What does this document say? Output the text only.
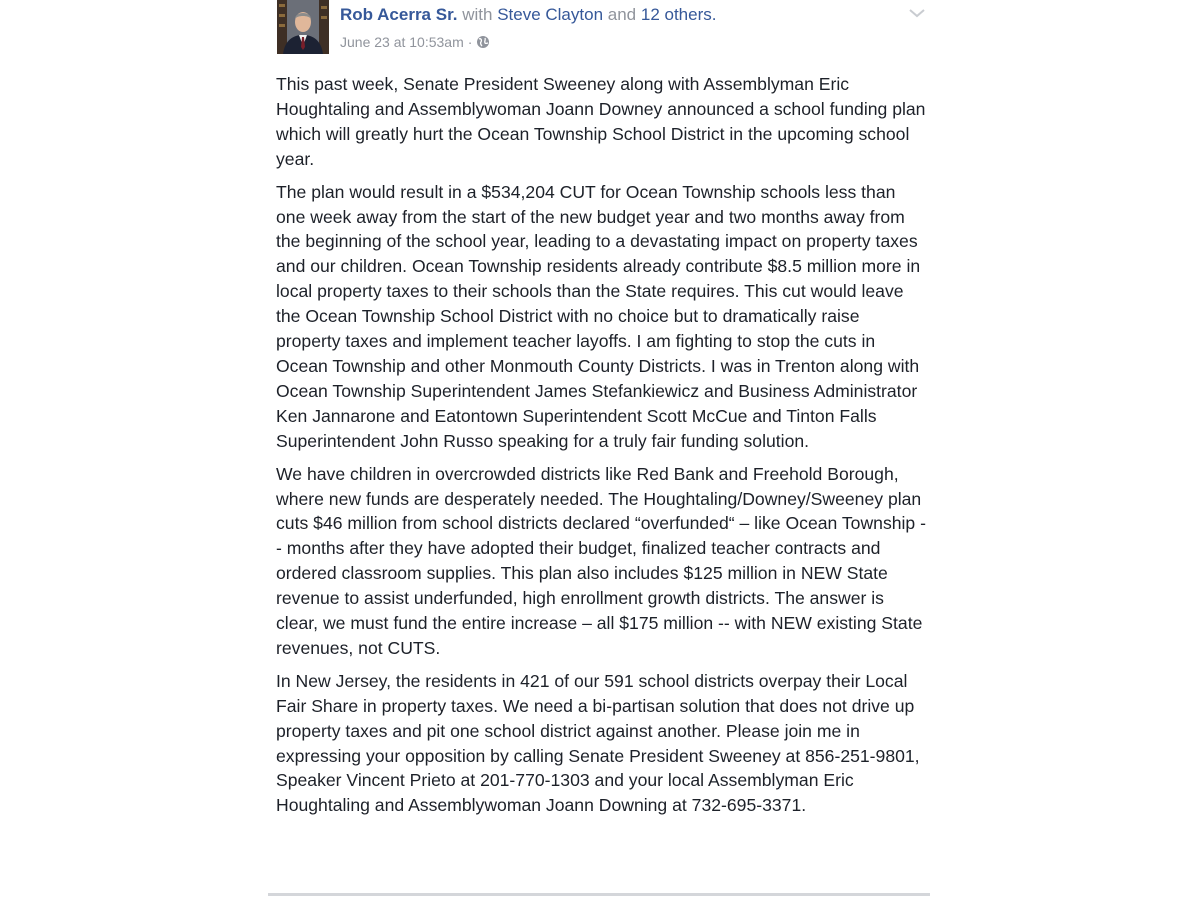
Rob Acerra Sr. with Steve Clayton and 12 others.
June 23 at 10:53am ·

This past week, Senate President Sweeney along with Assemblyman Eric Houghtaling and Assemblywoman Joann Downey announced a school funding plan which will greatly hurt the Ocean Township School District in the upcoming school year.

The plan would result in a $534,204 CUT for Ocean Township schools less than one week away from the start of the new budget year and two months away from the beginning of the school year, leading to a devastating impact on property taxes and our children. Ocean Township residents already contribute $8.5 million more in local property taxes to their schools than the State requires. This cut would leave the Ocean Township School District with no choice but to dramatically raise property taxes and implement teacher layoffs. I am fighting to stop the cuts in Ocean Township and other Monmouth County Districts. I was in Trenton along with Ocean Township Superintendent James Stefankiewicz and Business Administrator Ken Jannarone and Eatontown Superintendent Scott McCue and Tinton Falls Superintendent John Russo speaking for a truly fair funding solution.

We have children in overcrowded districts like Red Bank and Freehold Borough, where new funds are desperately needed. The Houghtaling/Downey/Sweeney plan cuts $46 million from school districts declared “overfunded“ – like Ocean Township -- months after they have adopted their budget, finalized teacher contracts and ordered classroom supplies. This plan also includes $125 million in NEW State revenue to assist underfunded, high enrollment growth districts. The answer is clear, we must fund the entire increase – all $175 million -- with NEW existing State revenues, not CUTS.

In New Jersey, the residents in 421 of our 591 school districts overpay their Local Fair Share in property taxes. We need a bi-partisan solution that does not drive up property taxes and pit one school district against another. Please join me in expressing your opposition by calling Senate President Sweeney at 856-251-9801, Speaker Vincent Prieto at 201-770-1303 and your local Assemblyman Eric Houghtaling and Assemblywoman Joann Downing at 732-695-3371.
